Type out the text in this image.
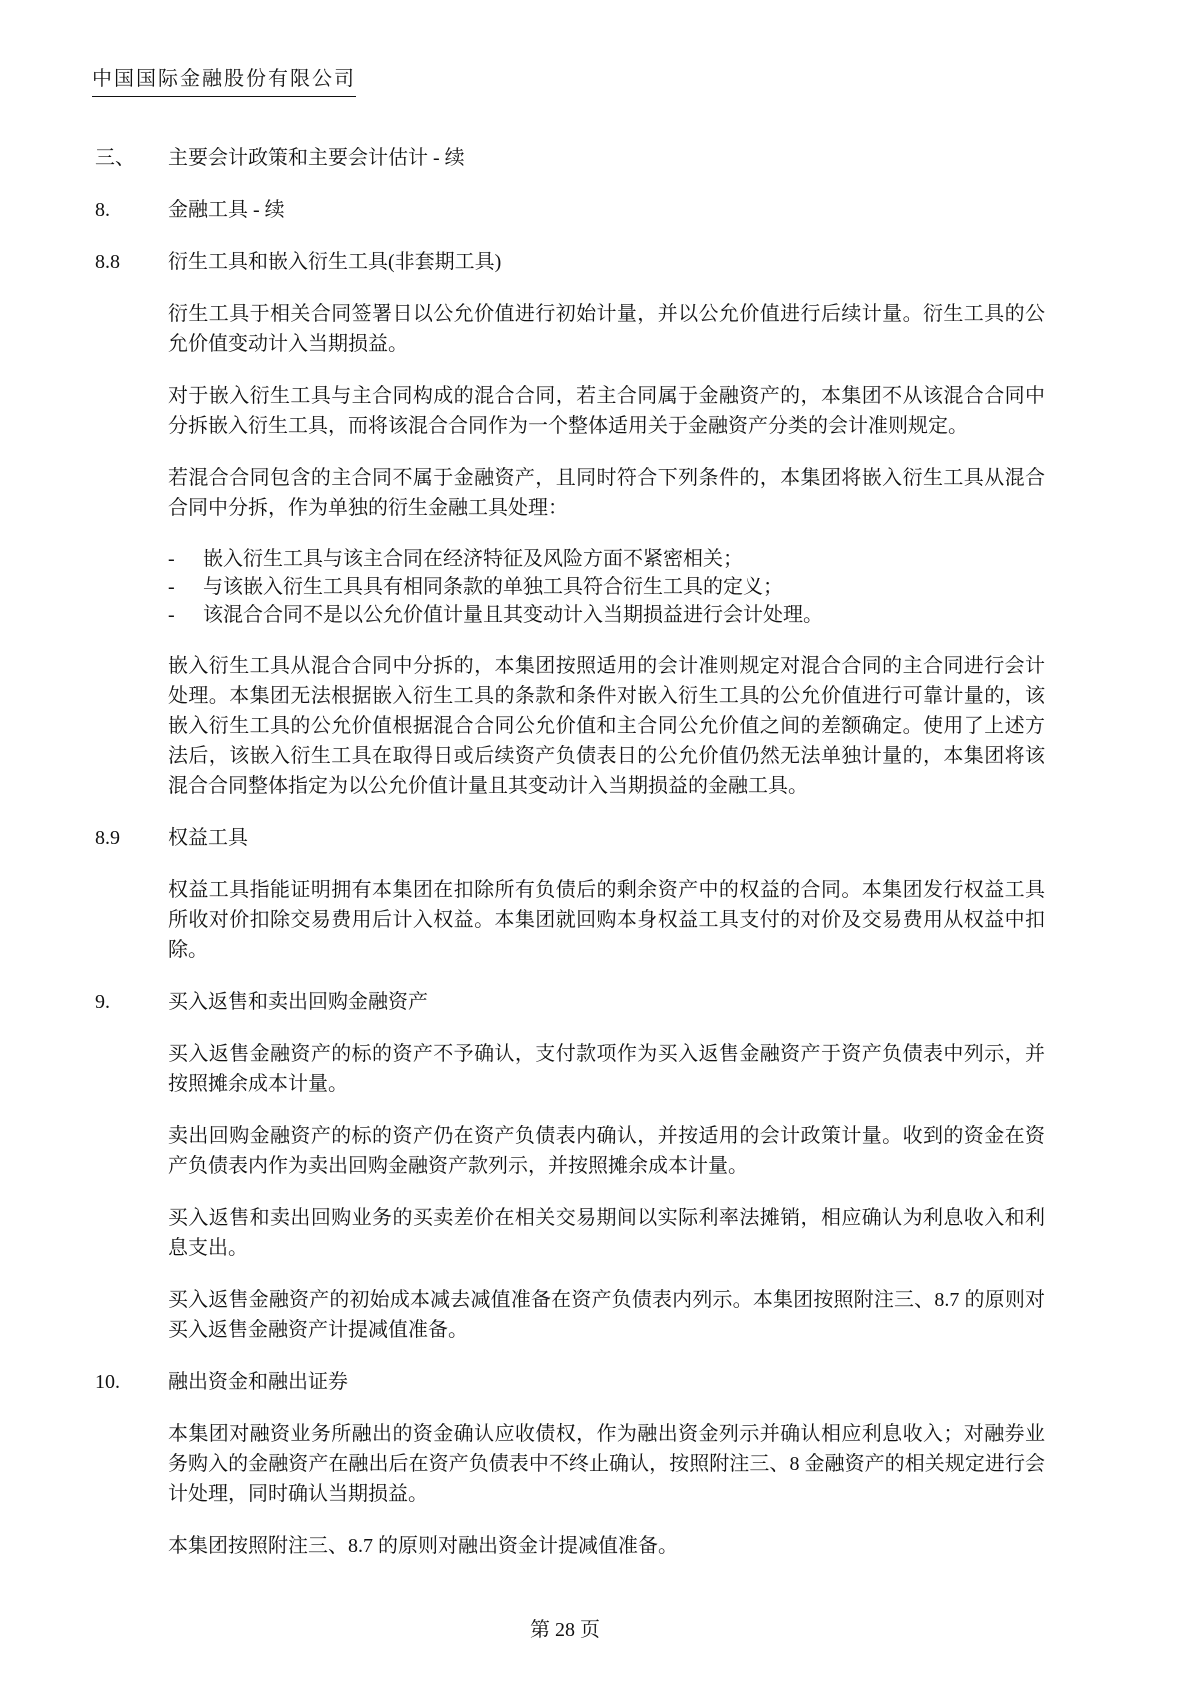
中国国际金融股份有限公司
三、	主要会计政策和主要会计估计 - 续
8.	金融工具 - 续
8.8	衍生工具和嵌入衍生工具(非套期工具)

衍生工具于相关合同签署日以公允价值进行初始计量，并以公允价值进行后续计量。衍生工具的公允价值变动计入当期损益。

对于嵌入衍生工具与主合同构成的混合合同，若主合同属于金融资产的，本集团不从该混合合同中分拆嵌入衍生工具，而将该混合合同作为一个整体适用关于金融资产分类的会计准则规定。

若混合合同包含的主合同不属于金融资产，且同时符合下列条件的，本集团将嵌入衍生工具从混合合同中分拆，作为单独的衍生金融工具处理：

-	嵌入衍生工具与该主合同在经济特征及风险方面不紧密相关；
-	与该嵌入衍生工具具有相同条款的单独工具符合衍生工具的定义；
-	该混合合同不是以公允价值计量且其变动计入当期损益进行会计处理。

嵌入衍生工具从混合合同中分拆的，本集团按照适用的会计准则规定对混合合同的主合同进行会计处理。本集团无法根据嵌入衍生工具的条款和条件对嵌入衍生工具的公允价值进行可靠计量的，该嵌入衍生工具的公允价值根据混合合同公允价值和主合同公允价值之间的差额确定。使用了上述方法后，该嵌入衍生工具在取得日或后续资产负债表日的公允价值仍然无法单独计量的，本集团将该混合合同整体指定为以公允价值计量且其变动计入当期损益的金融工具。

8.9	权益工具

权益工具指能证明拥有本集团在扣除所有负债后的剩余资产中的权益的合同。本集团发行权益工具所收对价扣除交易费用后计入权益。本集团就回购本身权益工具支付的对价及交易费用从权益中扣除。

9.	买入返售和卖出回购金融资产

买入返售金融资产的标的资产不予确认，支付款项作为买入返售金融资产于资产负债表中列示，并按照摊余成本计量。

卖出回购金融资产的标的资产仍在资产负债表内确认，并按适用的会计政策计量。收到的资金在资产负债表内作为卖出回购金融资产款列示，并按照摊余成本计量。

买入返售和卖出回购业务的买卖差价在相关交易期间以实际利率法摊销，相应确认为利息收入和利息支出。

买入返售金融资产的初始成本减去减值准备在资产负债表内列示。本集团按照附注三、8.7 的原则对买入返售金融资产计提减值准备。

10.	融出资金和融出证券

本集团对融资业务所融出的资金确认应收债权，作为融出资金列示并确认相应利息收入；对融券业务购入的金融资产在融出后在资产负债表中不终止确认，按照附注三、8 金融资产的相关规定进行会计处理，同时确认当期损益。

本集团按照附注三、8.7 的原则对融出资金计提减值准备。

第 28 页
